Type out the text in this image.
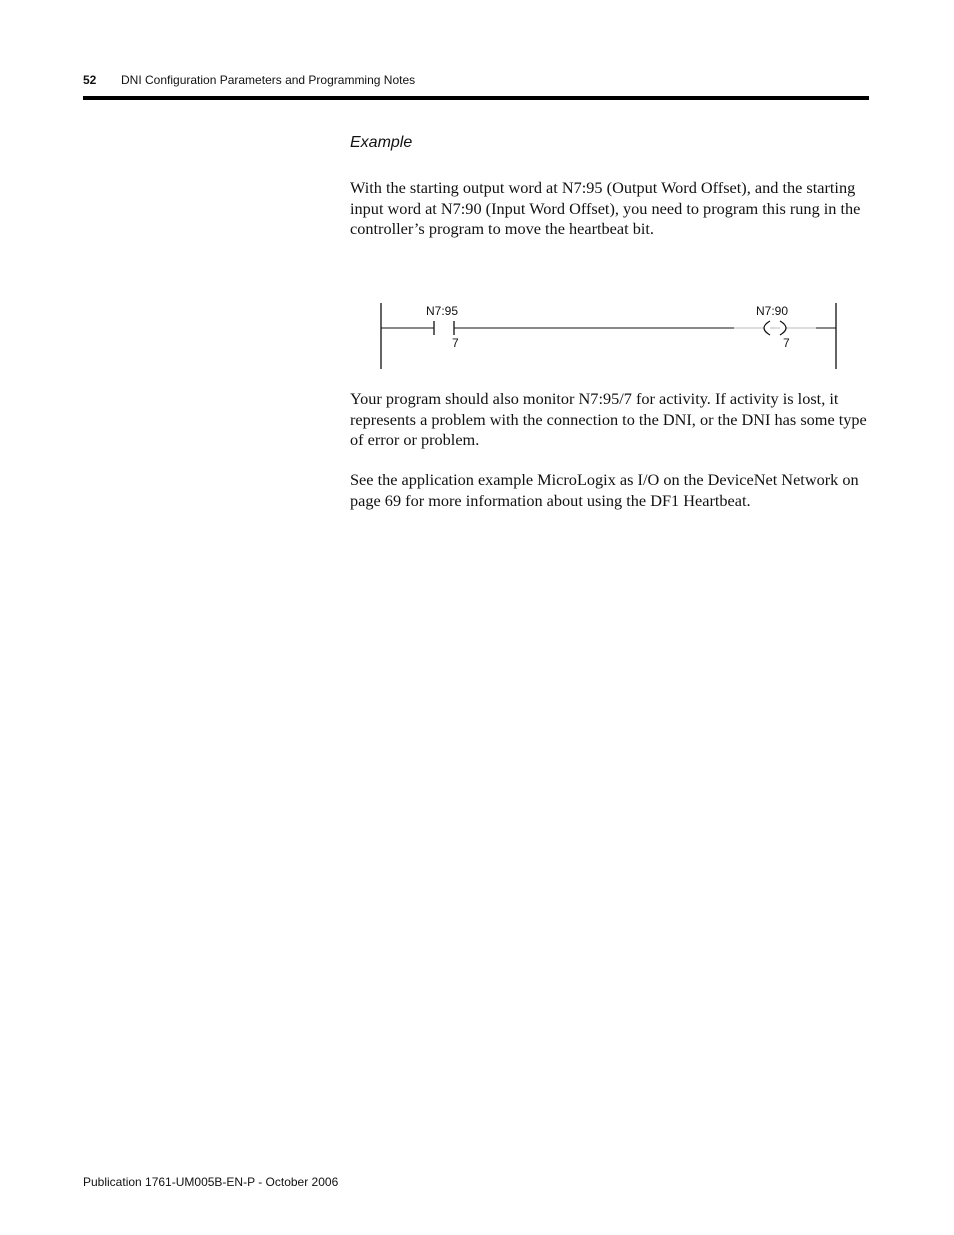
52 DNI Configuration Parameters and Programming Notes
Example

With the starting output word at N7:95 (Output Word Offset), and the starting input word at N7:90 (Input Word Offset), you need to program this rung in the controller’s program to move the heartbeat bit.

N7:95
7
N7:90
7

Your program should also monitor N7:95/7 for activity. If activity is lost, it represents a problem with the connection to the DNI, or the DNI has some type of error or problem.

See the application example MicroLogix as I/O on the DeviceNet Network on page 69 for more information about using the DF1 Heartbeat.

Publication 1761-UM005B-EN-P - October 2006
